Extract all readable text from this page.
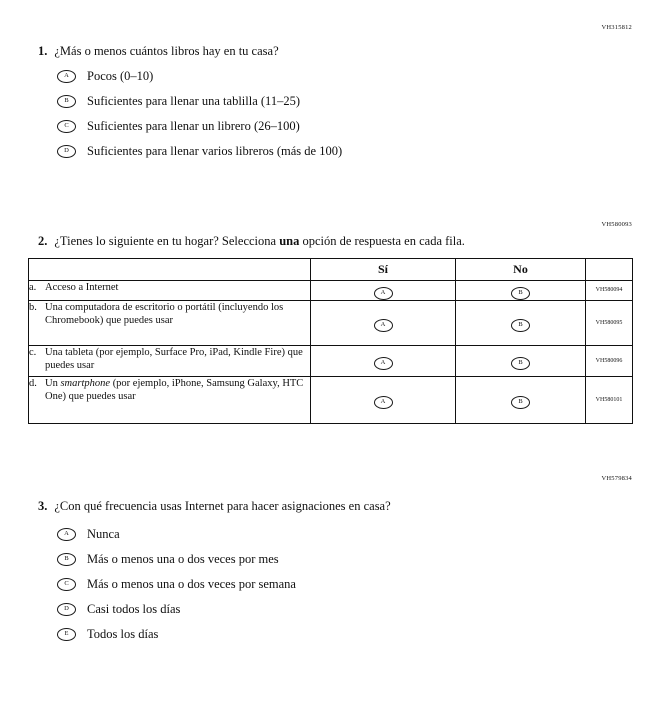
VH315812
1. ¿Más o menos cuántos libros hay en tu casa?
A Pocos (0–10)
B Suficientes para llenar una tablilla (11–25)
C Suficientes para llenar un librero (26–100)
D Suficientes para llenar varios libreros (más de 100)
VH580093
2. ¿Tienes lo siguiente en tu hogar? Selecciona una opción de respuesta en cada fila.
	Sí	No	

a. Acceso a Internet	A	B	VH580094

b. Una computadora de escritorio o portátil (incluyendo los Chromebook) que puedes usar	A	B	VH580095

c. Una tableta (por ejemplo, Surface Pro, iPad, Kindle Fire) que puedes usar	A	B	VH580096

d. Un smartphone (por ejemplo, iPhone, Samsung Galaxy, HTC One) que puedes usar	A	B	VH580101
VH579834
3. ¿Con qué frecuencia usas Internet para hacer asignaciones en casa?
A Nunca
B Más o menos una o dos veces por mes
C Más o menos una o dos veces por semana
D Casi todos los días
E Todos los días
